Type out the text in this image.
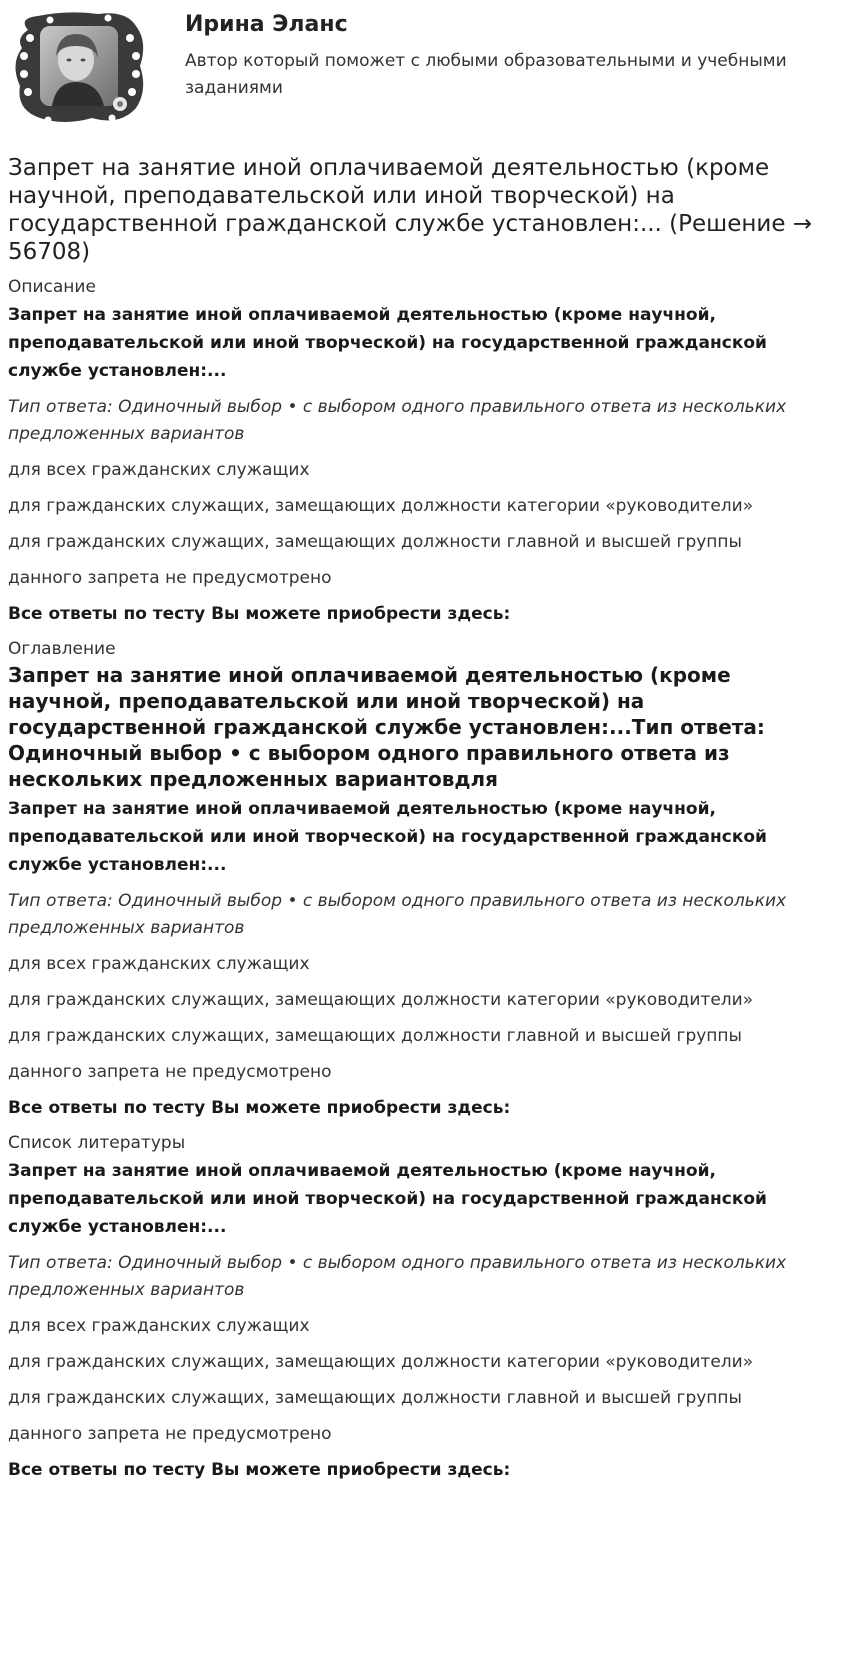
Ирина Эланс
Автор который поможет с любыми образовательными и учебными заданиями
Запрет на занятие иной оплачиваемой деятельностью (кроме научной, преподавательской или иной творческой) на государственной гражданской службе установлен:... (Решение → 56708)
Описание
Запрет на занятие иной оплачиваемой деятельностью (кроме научной, преподавательской или иной творческой) на государственной гражданской службе установлен:...
Тип ответа: Одиночный выбор • с выбором одного правильного ответа из нескольких предложенных вариантов
для всех гражданских служащих
для гражданских служащих, замещающих должности категории «руководители»
для гражданских служащих, замещающих должности главной и высшей группы
данного запрета не предусмотрено
Все ответы по тесту Вы можете приобрести здесь:
Оглавление
Запрет на занятие иной оплачиваемой деятельностью (кроме научной, преподавательской или иной творческой) на государственной гражданской службе установлен:...Тип ответа: Одиночный выбор • с выбором одного правильного ответа из нескольких предложенных вариантовдля
Запрет на занятие иной оплачиваемой деятельностью (кроме научной, преподавательской или иной творческой) на государственной гражданской службе установлен:...
Тип ответа: Одиночный выбор • с выбором одного правильного ответа из нескольких предложенных вариантов
для всех гражданских служащих
для гражданских служащих, замещающих должности категории «руководители»
для гражданских служащих, замещающих должности главной и высшей группы
данного запрета не предусмотрено
Все ответы по тесту Вы можете приобрести здесь:
Список литературы
Запрет на занятие иной оплачиваемой деятельностью (кроме научной, преподавательской или иной творческой) на государственной гражданской службе установлен:...
Тип ответа: Одиночный выбор • с выбором одного правильного ответа из нескольких предложенных вариантов
для всех гражданских служащих
для гражданских служащих, замещающих должности категории «руководители»
для гражданских служащих, замещающих должности главной и высшей группы
данного запрета не предусмотрено
Все ответы по тесту Вы можете приобрести здесь:
